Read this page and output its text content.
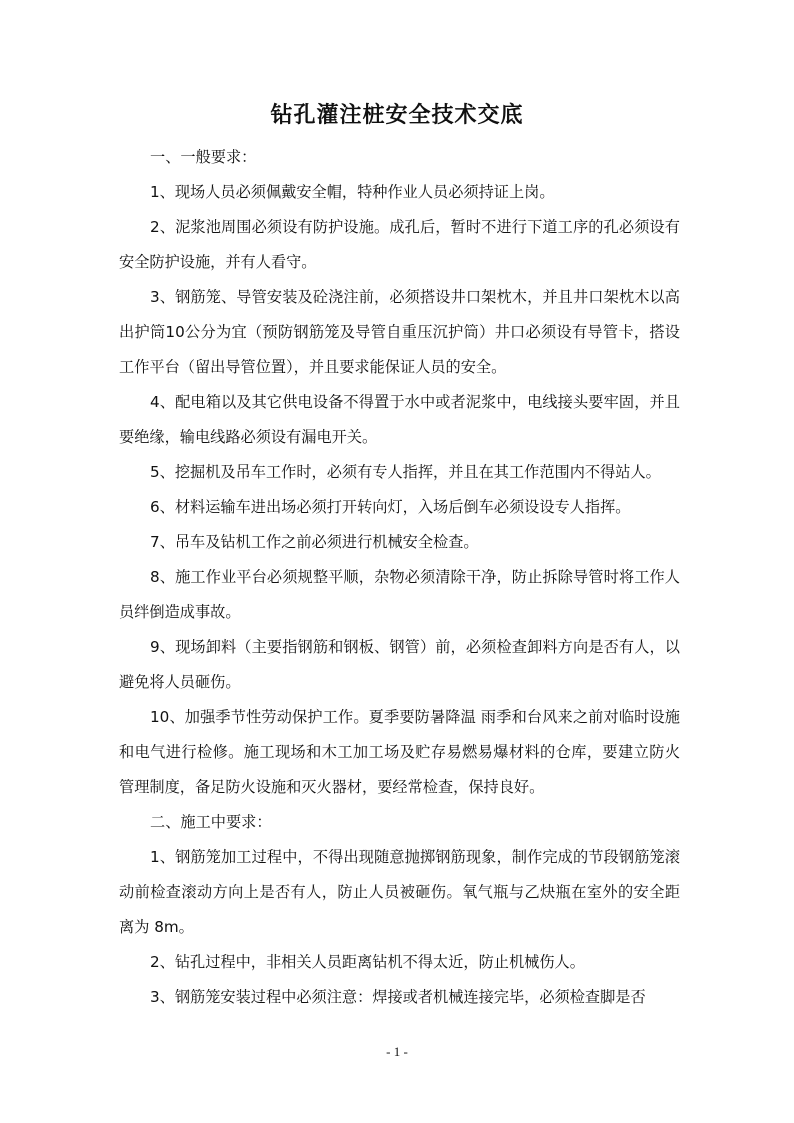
钻孔灌注桩安全技术交底

一、一般要求：

1、现场人员必须佩戴安全帽，特种作业人员必须持证上岗。

2、泥浆池周围必须设有防护设施。成孔后，暂时不进行下道工序的孔必须设有安全防护设施，并有人看守。

3、钢筋笼、导管安装及砼浇注前，必须搭设井口架枕木，并且井口架枕木以高出护筒10公分为宜（预防钢筋笼及导管自重压沉护筒）井口必须设有导管卡，搭设工作平台（留出导管位置），并且要求能保证人员的安全。

4、配电箱以及其它供电设备不得置于水中或者泥浆中，电线接头要牢固，并且要绝缘，输电线路必须设有漏电开关。

5、挖掘机及吊车工作时，必须有专人指挥，并且在其工作范围内不得站人。

6、材料运输车进出场必须打开转向灯，入场后倒车必须设设专人指挥。

7、吊车及钻机工作之前必须进行机械安全检查。

8、施工作业平台必须规整平顺，杂物必须清除干净，防止拆除导管时将工作人员绊倒造成事故。

9、现场卸料（主要指钢筋和钢板、钢管）前，必须检查卸料方向是否有人，以避免将人员砸伤。

10、加强季节性劳动保护工作。夏季要防暑降温 雨季和台风来之前对临时设施和电气进行检修。施工现场和木工加工场及贮存易燃易爆材料的仓库，要建立防火管理制度，备足防火设施和灭火器材，要经常检查，保持良好。

二、施工中要求：

1、钢筋笼加工过程中，不得出现随意抛掷钢筋现象，制作完成的节段钢筋笼滚动前检查滚动方向上是否有人，防止人员被砸伤。氧气瓶与乙炔瓶在室外的安全距离为 8m。

2、钻孔过程中，非相关人员距离钻机不得太近，防止机械伤人。

3、钢筋笼安装过程中必须注意：焊接或者机械连接完毕，必须检查脚是否

- 1 -
